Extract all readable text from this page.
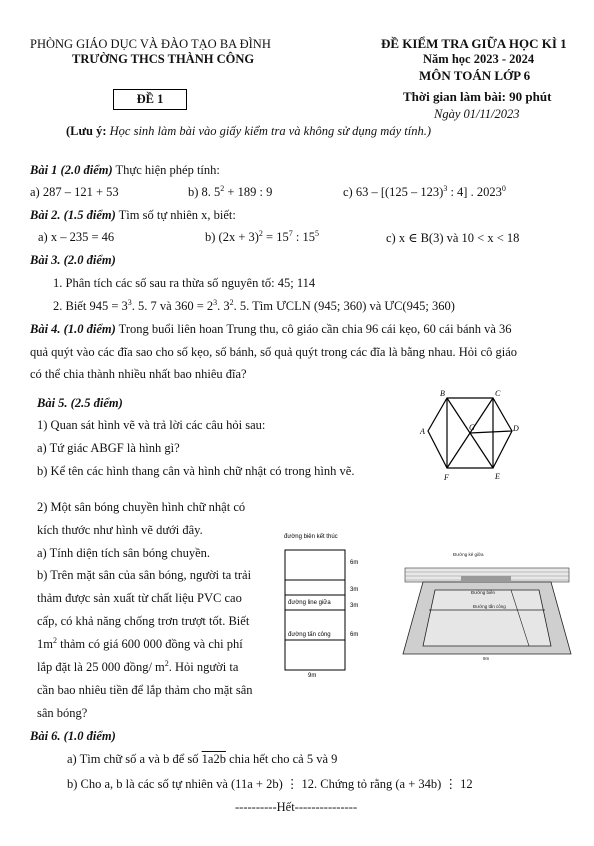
PHÒNG GIÁO DỤC VÀ ĐÀO TẠO BA ĐÌNH
TRƯỜNG THCS THÀNH CÔNG
ĐỀ KIỂM TRA GIỮA HỌC KÌ 1
Năm học 2023 - 2024
MÔN TOÁN LỚP 6
Thời gian làm bài: 90 phút
Ngày 01/11/2023
ĐỀ 1
(Lưu ý: Học sinh làm bài vào giấy kiểm tra và không sử dụng máy tính.)
Bài 1 (2.0 điểm) Thực hiện phép tính:
a) 287 – 121 + 53	b) 8. $5^2 + 189$ : 9	c) 63 – [(125 – 123)$^3$ : 4] . 2023$^0$
Bài 2. (1.5 điểm) Tìm số tự nhiên x, biết:
a) x – 235 = 46	b) $(2x + 3)^2 = 15^7$ : $15^5$	c) x ∈ B(3) và 10 < x < 18
Bài 3. (2.0 điểm)
1. Phân tích các số sau ra thừa số nguyên tố: 45; 114
2. Biết $945 = 3^3$. 5. 7 và $360 = 2^3$. $3^2$. 5. Tìm ƯCLN (945; 360) và ƯC(945; 360)
Bài 4. (1.0 điểm) Trong buổi liên hoan Trung thu, cô giáo cần chia 96 cái kẹo, 60 cái bánh và 36
quả quýt vào các đĩa sao cho số kẹo, số bánh, số quả quýt trong các đĩa là bằng nhau. Hỏi cô giáo
có thể chia thành nhiều nhất bao nhiêu đĩa?
Bài 5. (2.5 điểm)
1) Quan sát hình vẽ và trả lời các câu hỏi sau:
a) Tứ giác ABGF là hình gì?
b) Kể tên các hình thang cân và hình chữ nhật có trong hình vẽ.
B	C
A	D
G
F	E
2) Một sân bóng chuyền hình chữ nhật có
kích thước như hình vẽ dưới đây.
a) Tính diện tích sân bóng chuyền.
b) Trên mặt sân của sân bóng, người ta trải
thảm được sản xuất từ chất liệu PVC cao
cấp, có khả năng chống trơn trượt tốt. Biết
$1m^2$ thảm có giá 600 000 đồng và chi phí
lắp đặt là 25 000 đồng/ $m^2$. Hỏi người ta
cần bao nhiêu tiền để lắp thảm cho mặt sân
sân bóng?
đường biên kết thúc
đường line giữa
đường tấn công
6m
3m
3m
6m
9m
Đường kẻ giữa
Đường biên
Đường tấn công
9m
Bài 6. (1.0 điểm)
a) Tìm chữ số a và b để số 1a2b chia hết cho cả 5 và 9
b) Cho a, b là các số tự nhiên và (11a + 2b) ⋮ 12. Chứng tỏ rằng (a + 34b) ⋮ 12
----------Hết---------------
